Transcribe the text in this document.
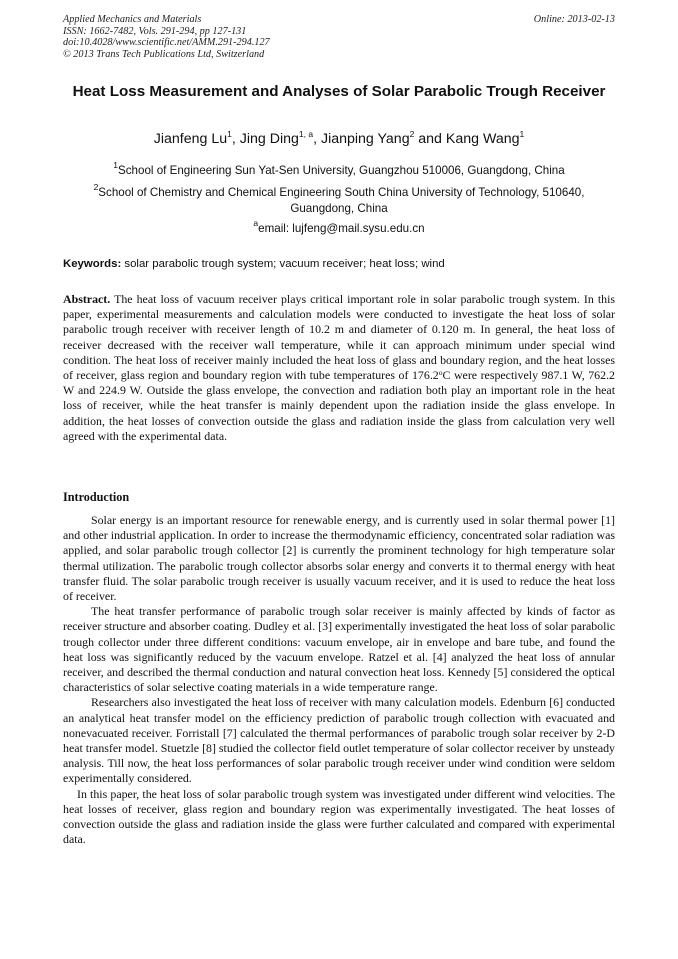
Applied Mechanics and Materials
ISSN: 1662-7482, Vols. 291-294, pp 127-131
doi:10.4028/www.scientific.net/AMM.291-294.127
© 2013 Trans Tech Publications Ltd, Switzerland
Online: 2013-02-13
Heat Loss Measurement and Analyses of Solar Parabolic Trough Receiver
Jianfeng Lu$^1$, Jing Ding$^{1, a}$, Jianping Yang$^2$ and Kang Wang$^1$
$^1$School of Engineering Sun Yat-Sen University, Guangzhou 510006, Guangdong, China
$^2$School of Chemistry and Chemical Engineering South China University of Technology, 510640, Guangdong, China
$^a$email: lujfeng@mail.sysu.edu.cn
Keywords: solar parabolic trough system; vacuum receiver; heat loss; wind
Abstract. The heat loss of vacuum receiver plays critical important role in solar parabolic trough system. In this paper, experimental measurements and calculation models were conducted to investigate the heat loss of solar parabolic trough receiver with receiver length of 10.2 m and diameter of 0.120 m. In general, the heat loss of receiver decreased with the receiver wall temperature, while it can approach minimum under special wind condition. The heat loss of receiver mainly included the heat loss of glass and boundary region, and the heat losses of receiver, glass region and boundary region with tube temperatures of 176.2$^o$C were respectively 987.1 W, 762.2 W and 224.9 W. Outside the glass envelope, the convection and radiation both play an important role in the heat loss of receiver, while the heat transfer is mainly dependent upon the radiation inside the glass envelope. In addition, the heat losses of convection outside the glass and radiation inside the glass from calculation very well agreed with the experimental data.
Introduction

Solar energy is an important resource for renewable energy, and is currently used in solar thermal power [1] and other industrial application. In order to increase the thermodynamic efficiency, concentrated solar radiation was applied, and solar parabolic trough collector [2] is currently the prominent technology for high temperature solar thermal utilization. The parabolic trough collector absorbs solar energy and converts it to thermal energy with heat transfer fluid. The solar parabolic trough receiver is usually vacuum receiver, and it is used to reduce the heat loss of receiver.

The heat transfer performance of parabolic trough solar receiver is mainly affected by kinds of factor as receiver structure and absorber coating. Dudley et al. [3] experimentally investigated the heat loss of solar parabolic trough collector under three different conditions: vacuum envelope, air in envelope and bare tube, and found the heat loss was significantly reduced by the vacuum envelope. Ratzel et al. [4] analyzed the heat loss of annular receiver, and described the thermal conduction and natural convection heat loss. Kennedy [5] considered the optical characteristics of solar selective coating materials in a wide temperature range.

Researchers also investigated the heat loss of receiver with many calculation models. Edenburn [6] conducted an analytical heat transfer model on the efficiency prediction of parabolic trough collection with evacuated and nonevacuated receiver. Forristall [7] calculated the thermal performances of parabolic trough solar receiver by 2-D heat transfer model. Stuetzle [8] studied the collector field outlet temperature of solar collector receiver by unsteady analysis. Till now, the heat loss performances of solar parabolic trough receiver under wind condition were seldom experimentally considered.

In this paper, the heat loss of solar parabolic trough system was investigated under different wind velocities. The heat losses of receiver, glass region and boundary region was experimentally investigated. The heat losses of convection outside the glass and radiation inside the glass were further calculated and compared with experimental data.
